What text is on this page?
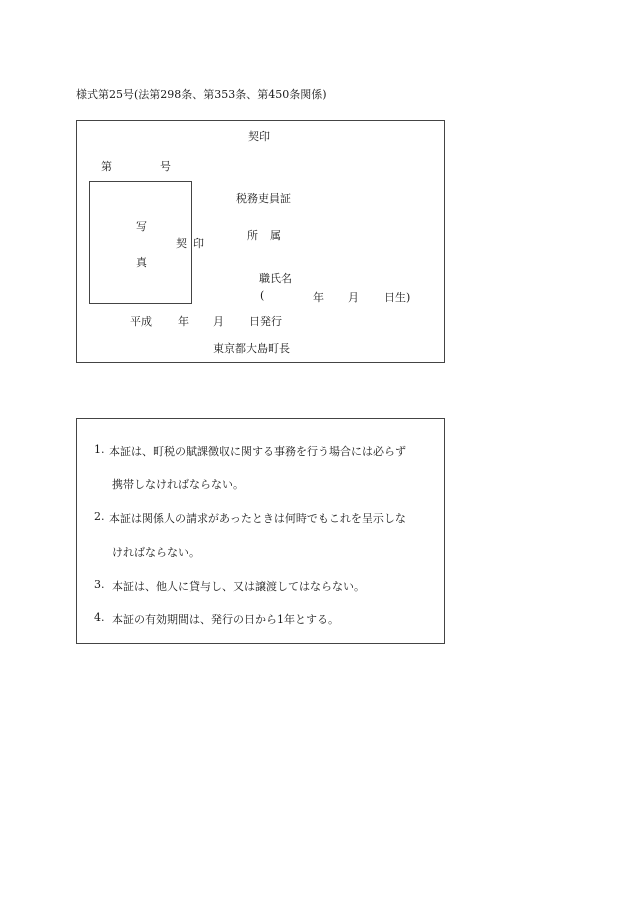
様式第25号(法第298条、第353条、第450条関係)
契印
第	号
写
真
契 印
税務吏員証
所 属
職氏名
(	年 月 日生)
平成 年 月 日発行
東京都大島町長
1. 本証は、町税の賦課徴収に関する事務を行う場合には必らず
携帯しなければならない。
2. 本証は関係人の請求があったときは何時でもこれを呈示しな
ければならない。
3. 本証は、他人に貸与し、又は譲渡してはならない。
4. 本証の有効期間は、発行の日から1年とする。
